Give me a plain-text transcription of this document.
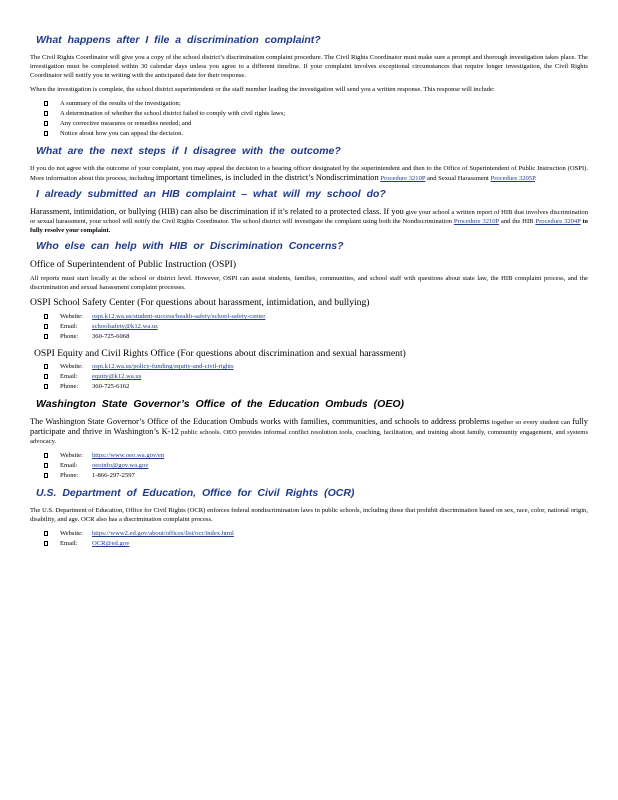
What happens after I file a discrimination complaint?

The Civil Rights Coordinator will give you a copy of the school district’s discrimination complaint procedure. The Civil Rights Coordinator must make sure a prompt and thorough investigation takes place. The investigation must be completed within 30 calendar days unless you agree to a different timeline. If your complaint involves exceptional circumstances that require longer investigation, the Civil Rights Coordinator will notify you in writing with the anticipated date for their response.

When the investigation is complete, the school district superintendent or the staff member leading the investigation will send you a written response. This response will include:

A summary of the results of the investigation;
A determination of whether the school district failed to comply with civil rights laws;
Any corrective measures or remedies needed; and
Notice about how you can appeal the decision.
What are the next steps if I disagree with the outcome?

If you do not agree with the outcome of your complaint, you may appeal the decision to a hearing officer designated by the superintendent and then to the Office of Superintendent of Public Instruction (OSPI). More information about this process, including important timelines, is included in the district’s Nondiscrimination Procedure 3210P and Sexual Harassment Procedure 3205P.

I already submitted an HIB complaint – what will my school do?

Harassment, intimidation, or bullying (HIB) can also be discrimination if it’s related to a protected class. If you give your school a written report of HIB that involves discrimination or sexual harassment, your school will notify the Civil Rights Coordinator. The school district will investigate the complaint using both the Nondiscrimination Procedure 3210P and the HIB Procedure 3204P to fully resolve your complaint.

Who else can help with HIB or Discrimination Concerns?
Office of Superintendent of Public Instruction (OSPI)

All reports must start locally at the school or district level. However, OSPI can assist students, families, communities, and school staff with questions about state law, the HIB complaint process, and the discrimination and sexual harassment complaint processes.

OSPI School Safety Center (For questions about harassment, intimidation, and bullying)
Website: ospi.k12.wa.us/student-success/health-safety/school-safety-center
Email: schoolsafety@k12.wa.us
Phone: 360-725-6068
OSPI Equity and Civil Rights Office (For questions about discrimination and sexual harassment)
Website: ospi.k12.wa.us/policy-funding/equity-and-civil-rights
Email: equity@k12.wa.us
Phone: 360-725-6162
Washington State Governor’s Office of the Education Ombuds (OEO)

The Washington State Governor’s Office of the Education Ombuds works with families, communities, and schools to address problems together so every student can fully participate and thrive in Washington’s K-12 public schools. OEO provides informal conflict resolution tools, coaching, facilitation, and training about family, community engagement, and systems advocacy.

Website: https://www.oeo.wa.gov/en
Email: oeoinfo@gov.wa.gov
Phone: 1-866-297-2597
U.S. Department of Education, Office for Civil Rights (OCR)

The U.S. Department of Education, Office for Civil Rights (OCR) enforces federal nondiscrimination laws in public schools, including those that prohibit discrimination based on sex, race, color, national origin, disability, and age. OCR also has a discrimination complaint process.

Website: https://www2.ed.gov/about/offices/list/ocr/index.html
Email: OCR@ed.gov
